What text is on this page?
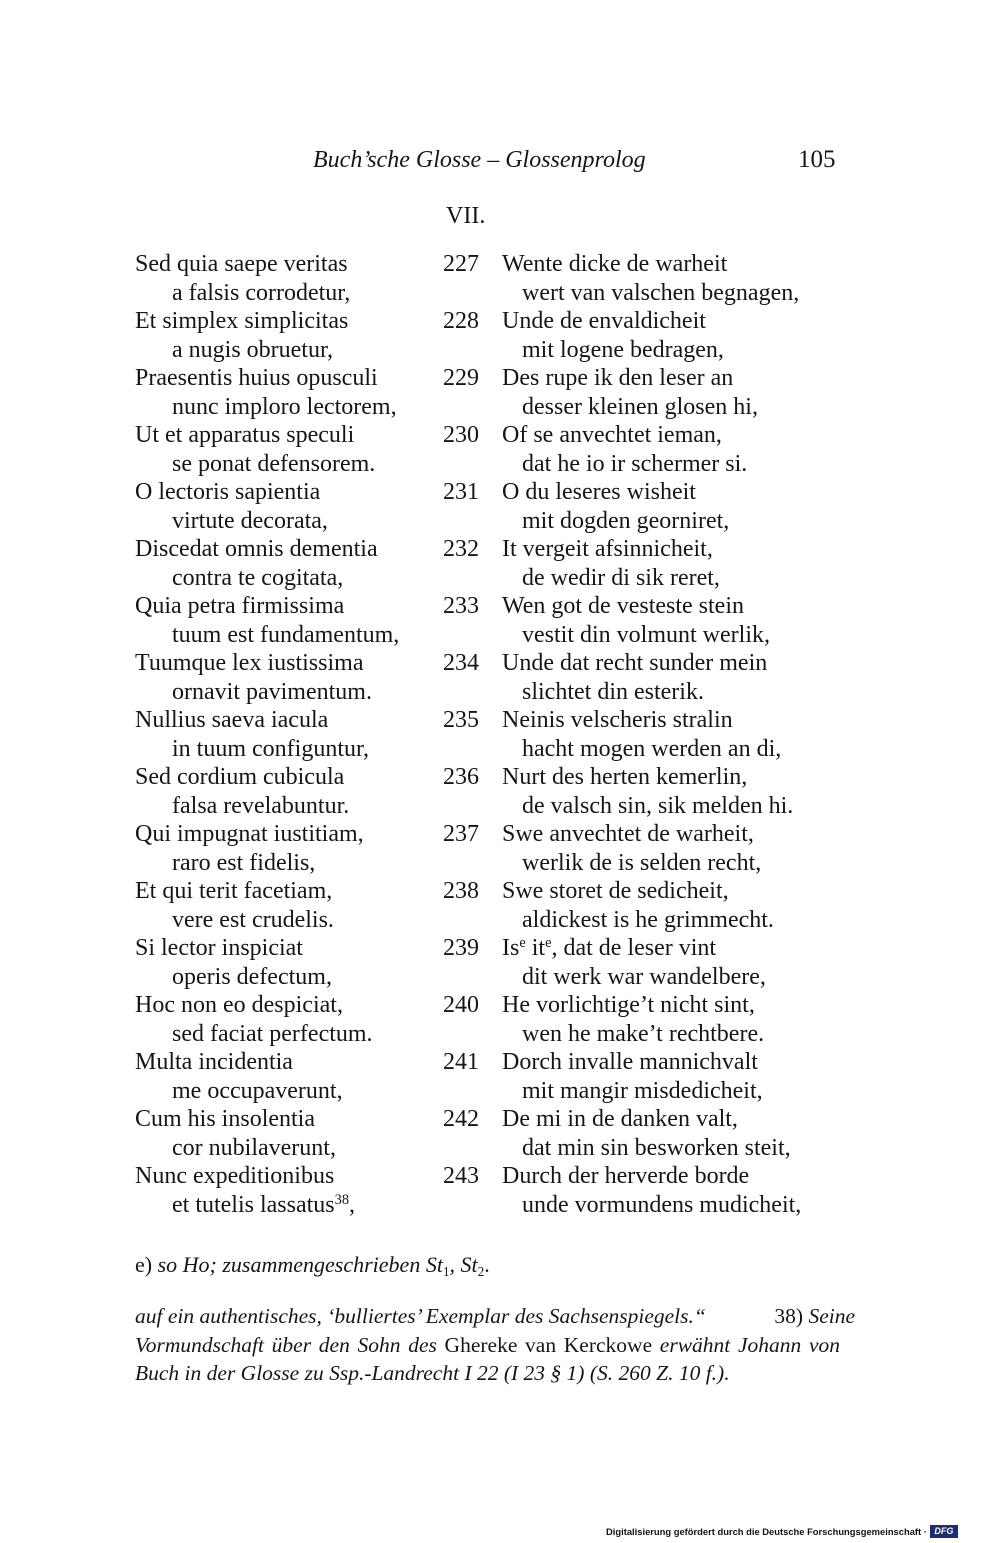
Buch’sche Glosse – Glossenprolog	105
VII.
Sed quia saepe veritas	227 Wente dicke de warheit
a falsis corrodetur,	wert van valschen begnagen,
Et simplex simplicitas	228 Unde de envaldicheit
a nugis obruetur,	mit logene bedragen,
Praesentis huius opusculi	229 Des rupe ik den leser an
nunc imploro lectorem,	desser kleinen glosen hi,
Ut et apparatus speculi	230 Of se anvechtet ieman,
se ponat defensorem.	dat he io ir schermer si.
O lectoris sapientia	231 O du leseres wisheit
virtute decorata,	mit dogden georniret,
Discedat omnis dementia	232 It vergeit afsinnicheit,
contra te cogitata,	de wedir di sik reret,
Quia petra firmissima	233 Wen got de vesteste stein
tuum est fundamentum,	vestit din volmunt werlik,
Tuumque lex iustissima	234 Unde dat recht sunder mein
ornavit pavimentum.	slichtet din esterik.
Nullius saeva iacula	235 Neinis velscheris stralin
in tuum configuntur,	hacht mogen werden an di,
Sed cordium cubicula	236 Nurt des herten kemerlin,
falsa revelabuntur.	de valsch sin, sik melden hi.
Qui impugnat iustitiam,	237 Swe anvechtet de warheit,
raro est fidelis,	werlik de is selden recht,
Et qui terit facetiam,	238 Swe storet de sedicheit,
vere est crudelis.	aldickest is he grimmecht.
Si lector inspiciat	239 Is$^e$ $it^e$, dat de leser vint
operis defectum,	dit werk war wandelbere,
Hoc non eo despiciat,	240 He vorlichtige’t nicht sint,
sed faciat perfectum.	wen he make’t rechtbere.
Multa incidentia	241 Dorch invalle mannichvalt
me occupaverunt,	mit mangir misdedicheit,
Cum his insolentia	242 De mi in de danken valt,
cor nubilaverunt,	dat min sin besworken steit,
Nunc expeditionibus	243 Durch der herverde borde
et tutelis lassatus$^{38}$,	unde vormundens mudicheit,
e) so Ho; zusammengeschrieben $St_1$, $St_2$.
auf ein authentisches, ‘bulliertes’ Exemplar des Sachsenspiegels.“	38) Seine
Vormundschaft über den Sohn des Ghereke van Kerckowe erwähnt Johann von
Buch in der Glosse zu Ssp.-Landrecht I 22 (I 23 § 1) (S. 260 Z. 10 f.).
Digitalisierung gefördert durch die Deutsche Forschungsgemeinschaft · DFG
